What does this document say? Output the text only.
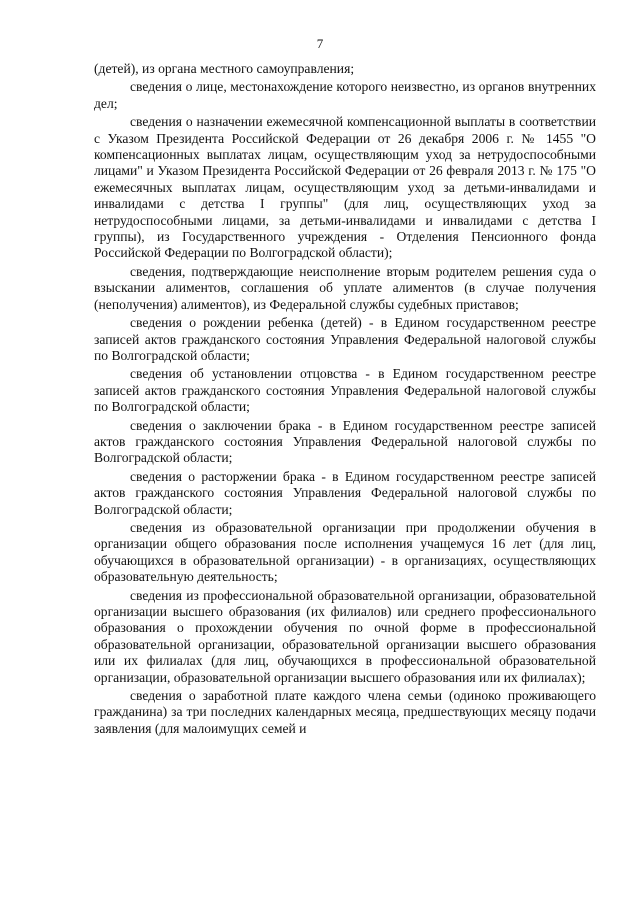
7

(детей), из органа местного самоуправления;

сведения о лице, местонахождение которого неизвестно, из органов внутренних дел;

сведения о назначении ежемесячной компенсационной выплаты в соответствии с Указом Президента Российской Федерации от 26 декабря 2006 г. № 1455 "О компенсационных выплатах лицам, осуществляющим уход за нетрудоспособными лицами" и Указом Президента Российской Федерации от 26 февраля 2013 г. № 175 "О ежемесячных выплатах лицам, осуществляющим уход за детьми-инвалидами и инвалидами с детства I группы" (для лиц, осуществляющих уход за нетрудоспособными лицами, за детьми-инвалидами и инвалидами с детства I группы), из Государственного учреждения - Отделения Пенсионного фонда Российской Федерации по Волгоградской области);

сведения, подтверждающие неисполнение вторым родителем решения суда о взыскании алиментов, соглашения об уплате алиментов (в случае получения (неполучения) алиментов), из Федеральной службы судебных приставов;

сведения о рождении ребенка (детей) - в Едином государственном реестре записей актов гражданского состояния Управления Федеральной налоговой службы по Волгоградской области;

сведения об установлении отцовства - в Едином государственном реестре записей актов гражданского состояния Управления Федеральной налоговой службы по Волгоградской области;

сведения о заключении брака - в Едином государственном реестре записей актов гражданского состояния Управления Федеральной налоговой службы по Волгоградской области;

сведения о расторжении брака - в Едином государственном реестре записей актов гражданского состояния Управления Федеральной налоговой службы по Волгоградской области;

сведения из образовательной организации при продолжении обучения в организации общего образования после исполнения учащемуся 16 лет (для лиц, обучающихся в образовательной организации) - в организациях, осуществляющих образовательную деятельность;

сведения из профессиональной образовательной организации, образовательной организации высшего образования (их филиалов) или среднего профессионального образования о прохождении обучения по очной форме в профессиональной образовательной организации, образовательной организации высшего образования или их филиалах (для лиц, обучающихся в профессиональной образовательной организации, образовательной организации высшего образования или их филиалах);

сведения о заработной плате каждого члена семьи (одиноко проживающего гражданина) за три последних календарных месяца, предшествующих месяцу подачи заявления (для малоимущих семей и
